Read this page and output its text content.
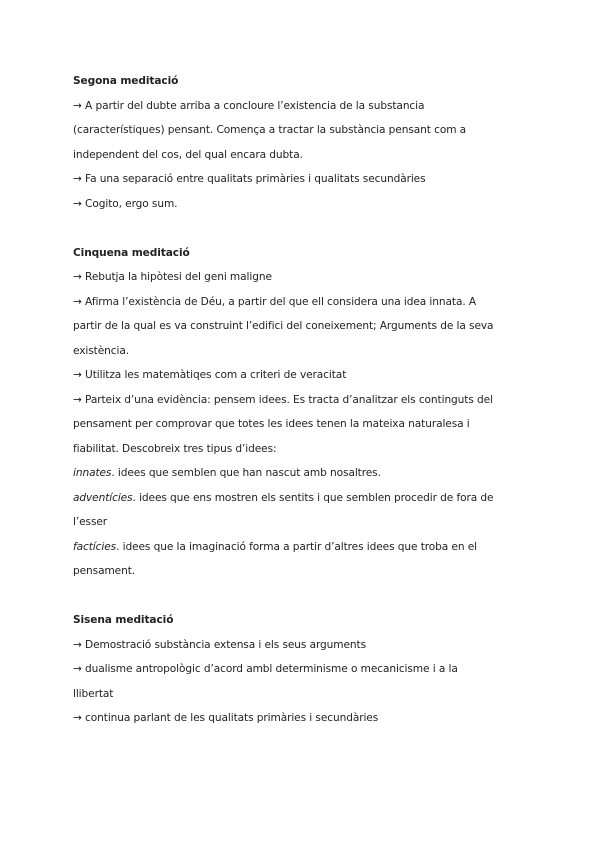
Segona meditació

→ A partir del dubte arriba a concloure l’existencia de la substancia

(característiques) pensant. Comença a tractar la substància pensant com a

independent del cos, del qual encara dubta.

→ Fa una separació entre qualitats primàries i qualitats secundàries

→ Cogito, ergo sum.

Cinquena meditació

→ Rebutja la hipòtesi del geni maligne

→ Afirma l’existència de Déu, a partir del que ell considera una idea innata. A

partir de la qual es va construint l’edifici del coneixement; Arguments de la seva

existència.

→ Utilitza les matemàtiqes com a criteri de veracitat

→ Parteix d’una evidència: pensem idees. Es tracta d’analitzar els continguts del

pensament per comprovar que totes les idees tenen la mateixa naturalesa i

fiabilitat. Descobreix tres tipus d’idees:

innates. idees que semblen que han nascut amb nosaltres.

adventícies. idees que ens mostren els sentits i que semblen procedir de fora de

l’esser

factícies. idees que la imaginació forma a partir d’altres idees que troba en el

pensament.

Sisena meditació

→ Demostració substància extensa i els seus arguments

→ dualisme antropològic d’acord ambl determinisme o mecanicisme i a la

llibertat

→ continua parlant de les qualitats primàries i secundàries
